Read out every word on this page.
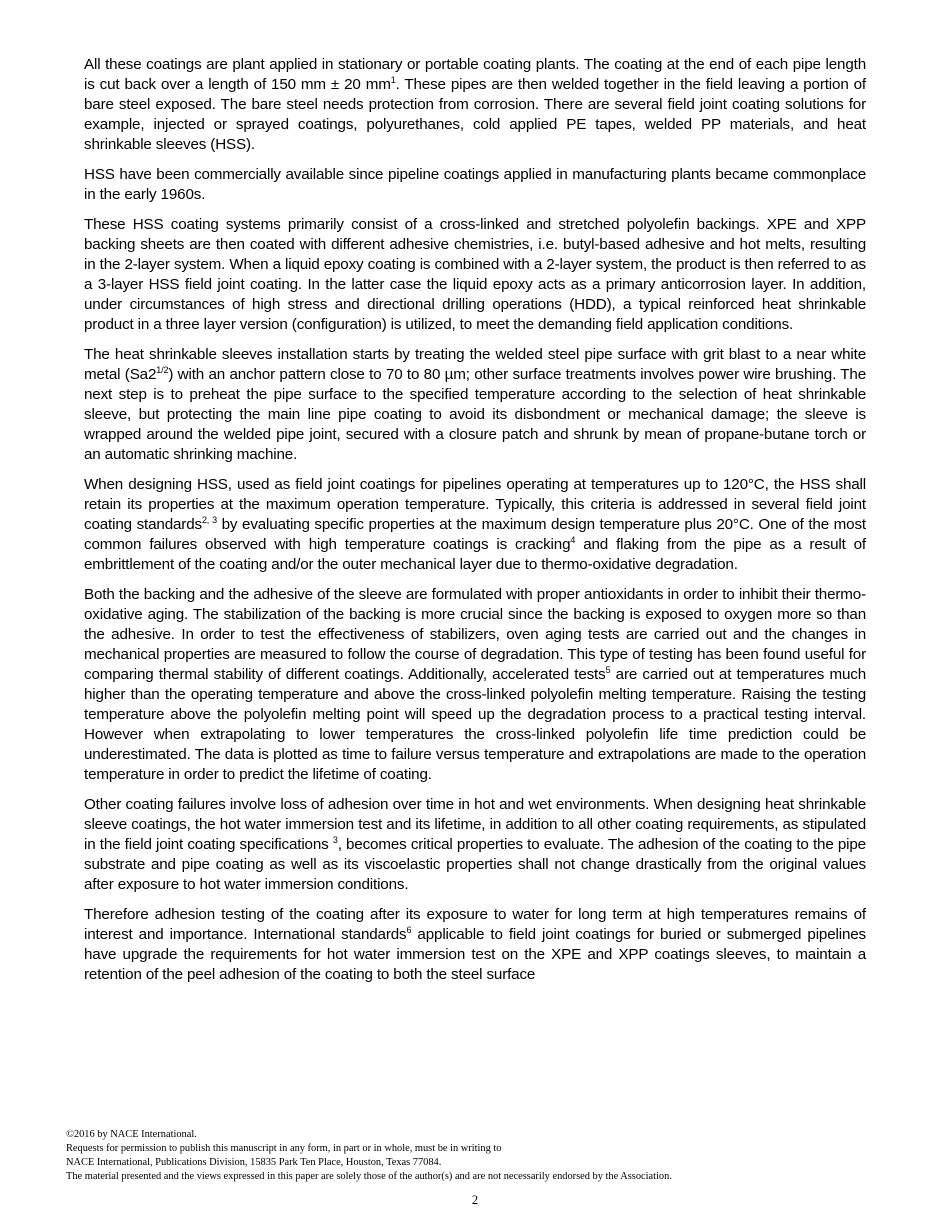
All these coatings are plant applied in stationary or portable coating plants. The coating at the end of each pipe length is cut back over a length of 150 mm ± 20 $mm^1$. These pipes are then welded together in the field leaving a portion of bare steel exposed. The bare steel needs protection from corrosion. There are several field joint coating solutions for example, injected or sprayed coatings, polyurethanes, cold applied PE tapes, welded PP materials, and heat shrinkable sleeves (HSS).

HSS have been commercially available since pipeline coatings applied in manufacturing plants became commonplace in the early 1960s.

These HSS coating systems primarily consist of a cross-linked and stretched polyolefin backings. XPE and XPP backing sheets are then coated with different adhesive chemistries, i.e. butyl-based adhesive and hot melts, resulting in the 2-layer system. When a liquid epoxy coating is combined with a 2-layer system, the product is then referred to as a 3-layer HSS field joint coating. In the latter case the liquid epoxy acts as a primary anticorrosion layer. In addition, under circumstances of high stress and directional drilling operations (HDD), a typical reinforced heat shrinkable product in a three layer version (configuration) is utilized, to meet the demanding field application conditions.

The heat shrinkable sleeves installation starts by treating the welded steel pipe surface with grit blast to a near white metal $(Sa2^{1/2})$ with an anchor pattern close to 70 to 80 µm; other surface treatments involves power wire brushing. The next step is to preheat the pipe surface to the specified temperature according to the selection of heat shrinkable sleeve, but protecting the main line pipe coating to avoid its disbondment or mechanical damage; the sleeve is wrapped around the welded pipe joint, secured with a closure patch and shrunk by mean of propane-butane torch or an automatic shrinking machine.

When designing HSS, used as field joint coatings for pipelines operating at temperatures up to 120°C, the HSS shall retain its properties at the maximum operation temperature. Typically, this criteria is addressed in several field joint coating standards$^{2, 3}$ by evaluating specific properties at the maximum design temperature plus 20°C. One of the most common failures observed with high temperature coatings is cracking$^4$ and flaking from the pipe as a result of embrittlement of the coating and/or the outer mechanical layer due to thermo-oxidative degradation.

Both the backing and the adhesive of the sleeve are formulated with proper antioxidants in order to inhibit their thermo-oxidative aging. The stabilization of the backing is more crucial since the backing is exposed to oxygen more so than the adhesive. In order to test the effectiveness of stabilizers, oven aging tests are carried out and the changes in mechanical properties are measured to follow the course of degradation. This type of testing has been found useful for comparing thermal stability of different coatings. Additionally, accelerated tests$^5$ are carried out at temperatures much higher than the operating temperature and above the cross-linked polyolefin melting temperature. Raising the testing temperature above the polyolefin melting point will speed up the degradation process to a practical testing interval. However when extrapolating to lower temperatures the cross-linked polyolefin life time prediction could be underestimated. The data is plotted as time to failure versus temperature and extrapolations are made to the operation temperature in order to predict the lifetime of coating.

Other coating failures involve loss of adhesion over time in hot and wet environments. When designing heat shrinkable sleeve coatings, the hot water immersion test and its lifetime, in addition to all other coating requirements, as stipulated in the field joint coating specifications $^3$, becomes critical properties to evaluate. The adhesion of the coating to the pipe substrate and pipe coating as well as its viscoelastic properties shall not change drastically from the original values after exposure to hot water immersion conditions.

Therefore adhesion testing of the coating after its exposure to water for long term at high temperatures remains of interest and importance. International standards$^6$ applicable to field joint coatings for buried or submerged pipelines have upgrade the requirements for hot water immersion test on the XPE and XPP coatings sleeves, to maintain a retention of the peel adhesion of the coating to both the steel surface

©2016 by NACE International.

Requests for permission to publish this manuscript in any form, in part or in whole, must be in writing to

NACE International, Publications Division, 15835 Park Ten Place, Houston, Texas 77084.

The material presented and the views expressed in this paper are solely those of the author(s) and are not necessarily endorsed by the Association.

2
